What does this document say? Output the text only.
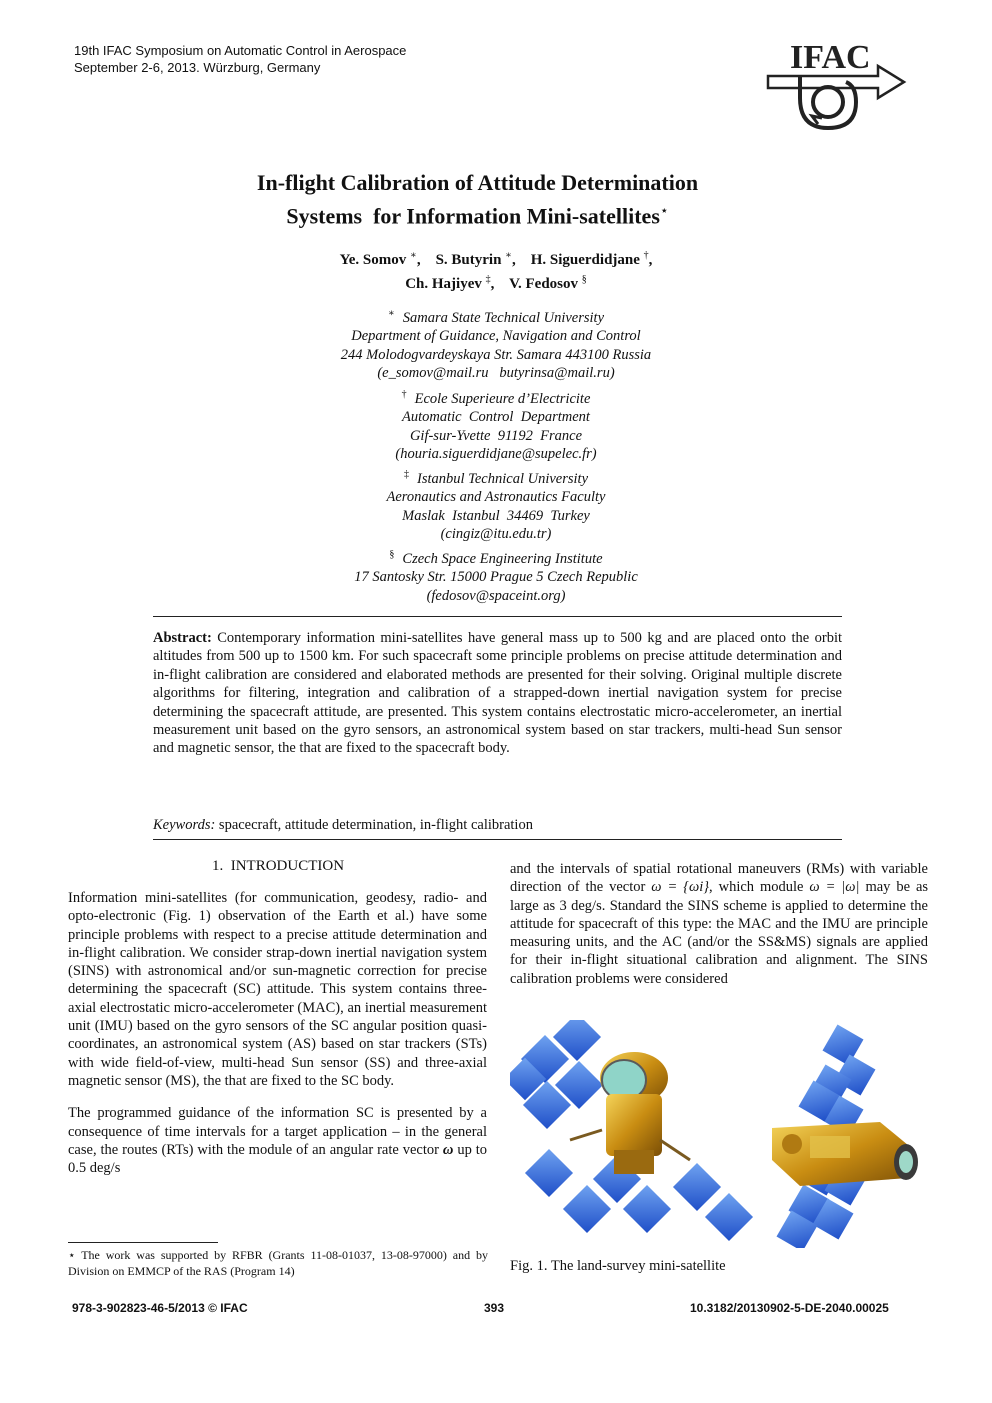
19th IFAC Symposium on Automatic Control in Aerospace
September 2-6, 2013. Würzburg, Germany	IFAC
In-flight Calibration of Attitude Determination
Systems  for Information Mini-satellites⋆
Ye. Somov ∗, S. Butyrin ∗, H. Siguerdidjane †,
Ch. Hajiyev ‡, V. Fedosov §
∗ Samara State Technical University
Department of Guidance, Navigation and Control
244 Molodogvardeyskaya Str. Samara 443100 Russia
(e_somov@mail.ru   butyrinsa@mail.ru)
† Ecole Superieure d’Electricite
Automatic  Control  Department
Gif-sur-Yvette  91192  France
(houria.siguerdidjane@supelec.fr)
‡ Istanbul Technical University
Aeronautics and Astronautics Faculty
Maslak  Istanbul  34469  Turkey
(cingiz@itu.edu.tr)
§ Czech Space Engineering Institute
17 Santosky Str. 15000 Prague 5 Czech Republic
(fedosov@spaceint.org)
Abstract: Contemporary information mini-satellites have general mass up to 500 kg and are placed onto the orbit altitudes from 500 up to 1500 km. For such spacecraft some principle problems on precise attitude determination and in-flight calibration are considered and elaborated methods are presented for their solving. Original multiple discrete algorithms for filtering, integration and calibration of a strapped-down inertial navigation system for precise determining the spacecraft attitude, are presented. This system contains electrostatic micro-accelerometer, an inertial measurement unit based on the gyro sensors, an astronomical system based on star trackers, multi-head Sun sensor and magnetic sensor, the that are fixed to the spacecraft body.
Keywords: spacecraft, attitude determination, in-flight calibration
1.  INTRODUCTION

Information mini-satellites (for communication, geodesy, radio- and opto-electronic (Fig. 1) observation of the Earth et al.) have some principle problems with respect to a precise attitude determination and in-flight calibration. We consider strap-down inertial navigation system (SINS) with astronomical and/or sun-magnetic correction for precise determining the spacecraft (SC) attitude. This system contains three-axial electrostatic micro-accelerometer (MAC), an inertial measurement unit (IMU) based on the gyro sensors of the SC angular position quasi-coordinates, an astronomical system (AS) based on star trackers (STs) with wide field-of-view, multi-head Sun sensor (SS) and three-axial magnetic sensor (MS), the that are fixed to the SC body.

The programmed guidance of the information SC is presented by a consequence of time intervals for a target application – in the general case, the routes (RTs) with the module of an angular rate vector ω up to 0.5 deg/s

⋆ The work was supported by RFBR (Grants 11-08-01037, 13-08-97000) and by Division on EMMCP of the RAS (Program 14)

and the intervals of spatial rotational maneuvers (RMs) with variable direction of the vector ω = {ωi}, which module ω = |ω| may be as large as 3 deg/s. Standard the SINS scheme is applied to determine the attitude for spacecraft of this type: the MAC and the IMU are principle measuring units, and the AC (and/or the SS&MS) signals are applied for their in-flight situational calibration and alignment. The SINS calibration problems were considered

Fig. 1. The land-survey mini-satellite
978-3-902823-46-5/2013 © IFAC	393	10.3182/20130902-5-DE-2040.00025
